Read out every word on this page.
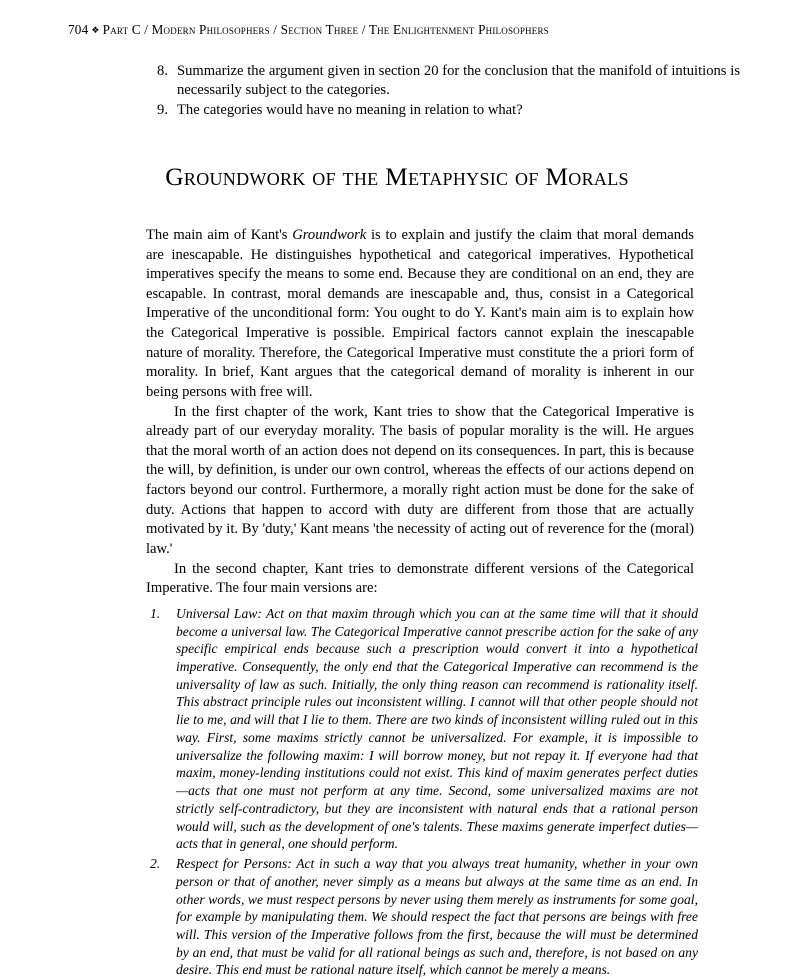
704 ❖ Part C / Modern Philosophers / Section Three / The Enlightenment Philosophers
8. Summarize the argument given in section 20 for the conclusion that the manifold of intuitions is necessarily subject to the categories.
9. The categories would have no meaning in relation to what?
Groundwork of the Metaphysic of Morals

The main aim of Kant's Groundwork is to explain and justify the claim that moral demands are inescapable. He distinguishes hypothetical and categorical imperatives. Hypothetical imperatives specify the means to some end. Because they are conditional on an end, they are escapable. In contrast, moral demands are inescapable and, thus, consist in a Categorical Imperative of the unconditional form: You ought to do Y. Kant's main aim is to explain how the Categorical Imperative is possible. Empirical factors cannot explain the inescapable nature of morality. Therefore, the Categorical Imperative must constitute the a priori form of morality. In brief, Kant argues that the categorical demand of morality is inherent in our being persons with free will.

In the first chapter of the work, Kant tries to show that the Categorical Imperative is already part of our everyday morality. The basis of popular morality is the will. He argues that the moral worth of an action does not depend on its consequences. In part, this is because the will, by definition, is under our own control, whereas the effects of our actions depend on factors beyond our control. Furthermore, a morally right action must be done for the sake of duty. Actions that happen to accord with duty are different from those that are actually motivated by it. By 'duty,' Kant means 'the necessity of acting out of reverence for the (moral) law.'

In the second chapter, Kant tries to demonstrate different versions of the Categorical Imperative. The four main versions are:

1.	Universal Law: Act on that maxim through which you can at the same time will that it should become a universal law. The Categorical Imperative cannot prescribe action for the sake of any specific empirical ends because such a prescription would convert it into a hypothetical imperative. Consequently, the only end that the Categorical Imperative can recommend is the universality of law as such. Initially, the only thing reason can recommend is rationality itself. This abstract principle rules out inconsistent willing. I cannot will that other people should not lie to me, and will that I lie to them. There are two kinds of inconsistent willing ruled out in this way. First, some maxims strictly cannot be universalized. For example, it is impossible to universalize the following maxim: I will borrow money, but not repay it. If everyone had that maxim, money-lending institutions could not exist. This kind of maxim generates perfect duties—acts that one must not perform at any time. Second, some universalized maxims are not strictly self-contradictory, but they are inconsistent with natural ends that a rational person would will, such as the development of one's talents. These maxims generate imperfect duties—acts that in general, one should perform.
2.	Respect for Persons: Act in such a way that you always treat humanity, whether in your own person or that of another, never simply as a means but always at the same time as an end. In other words, we must respect persons by never using them merely as instruments for some goal, for example by manipulating them. We should respect the fact that persons are beings with free will. This version of the Imperative follows from the first, because the will must be determined by an end, that must be valid for all rational beings as such and, therefore, is not based on any desire. This end must be rational nature itself, which cannot be merely a means.
